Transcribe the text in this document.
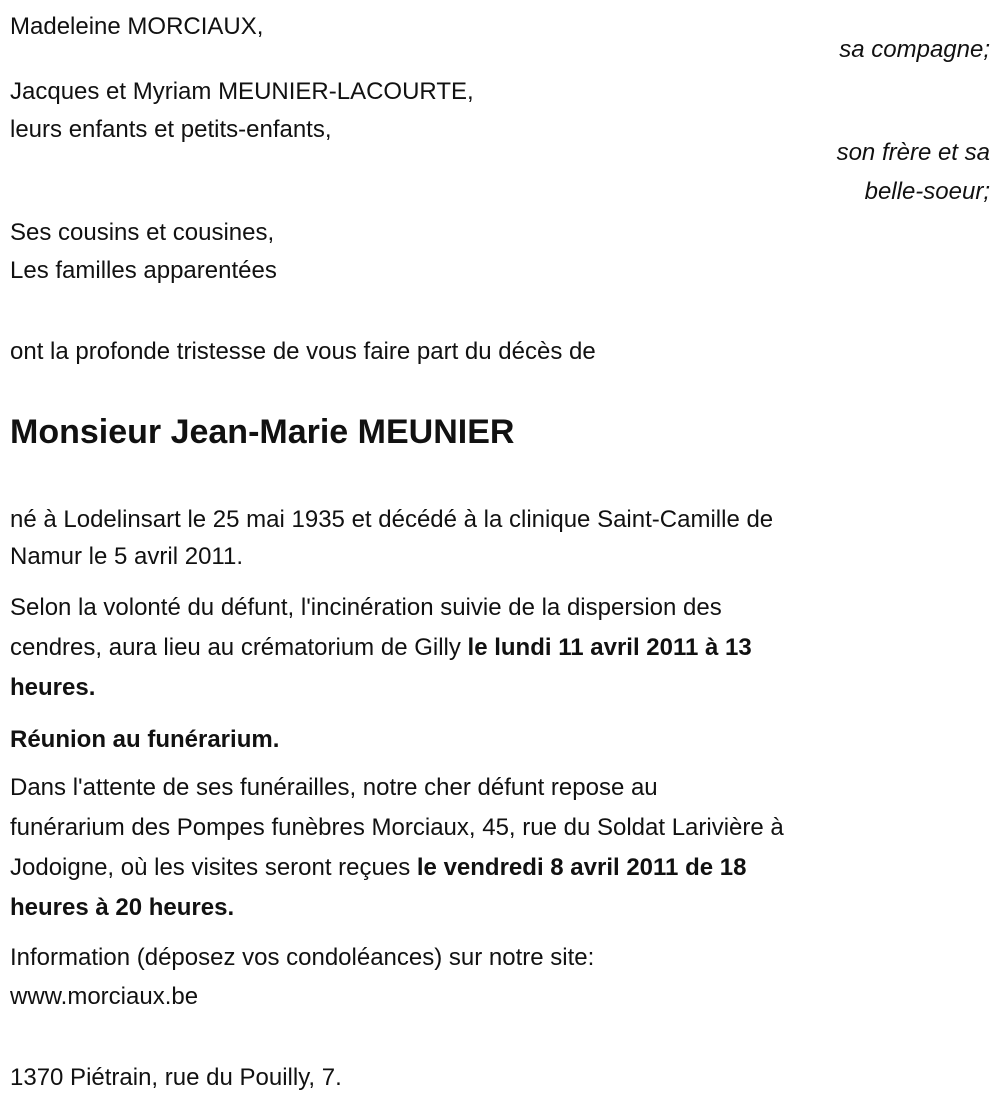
Madeleine MORCIAUX,
sa compagne;
Jacques et Myriam MEUNIER-LACOURTE,
leurs enfants et petits-enfants,
son frère et sa
belle-soeur;
Ses cousins et cousines,
Les familles apparentées
ont la profonde tristesse de vous faire part du décès de
Monsieur Jean-Marie MEUNIER
né à Lodelinsart le 25 mai 1935 et décédé à la clinique Saint-Camille de
Namur le 5 avril 2011.
Selon la volonté du défunt, l'incinération suivie de la dispersion des
cendres, aura lieu au crématorium de Gilly le lundi 11 avril 2011 à 13
heures.
Réunion au funérarium.
Dans l'attente de ses funérailles, notre cher défunt repose au
funérarium des Pompes funèbres Morciaux, 45, rue du Soldat Larivière à
Jodoigne, où les visites seront reçues le vendredi 8 avril 2011 de 18
heures à 20 heures.
Information (déposez vos condoléances) sur notre site:
www.morciaux.be
1370 Piétrain, rue du Pouilly, 7.
